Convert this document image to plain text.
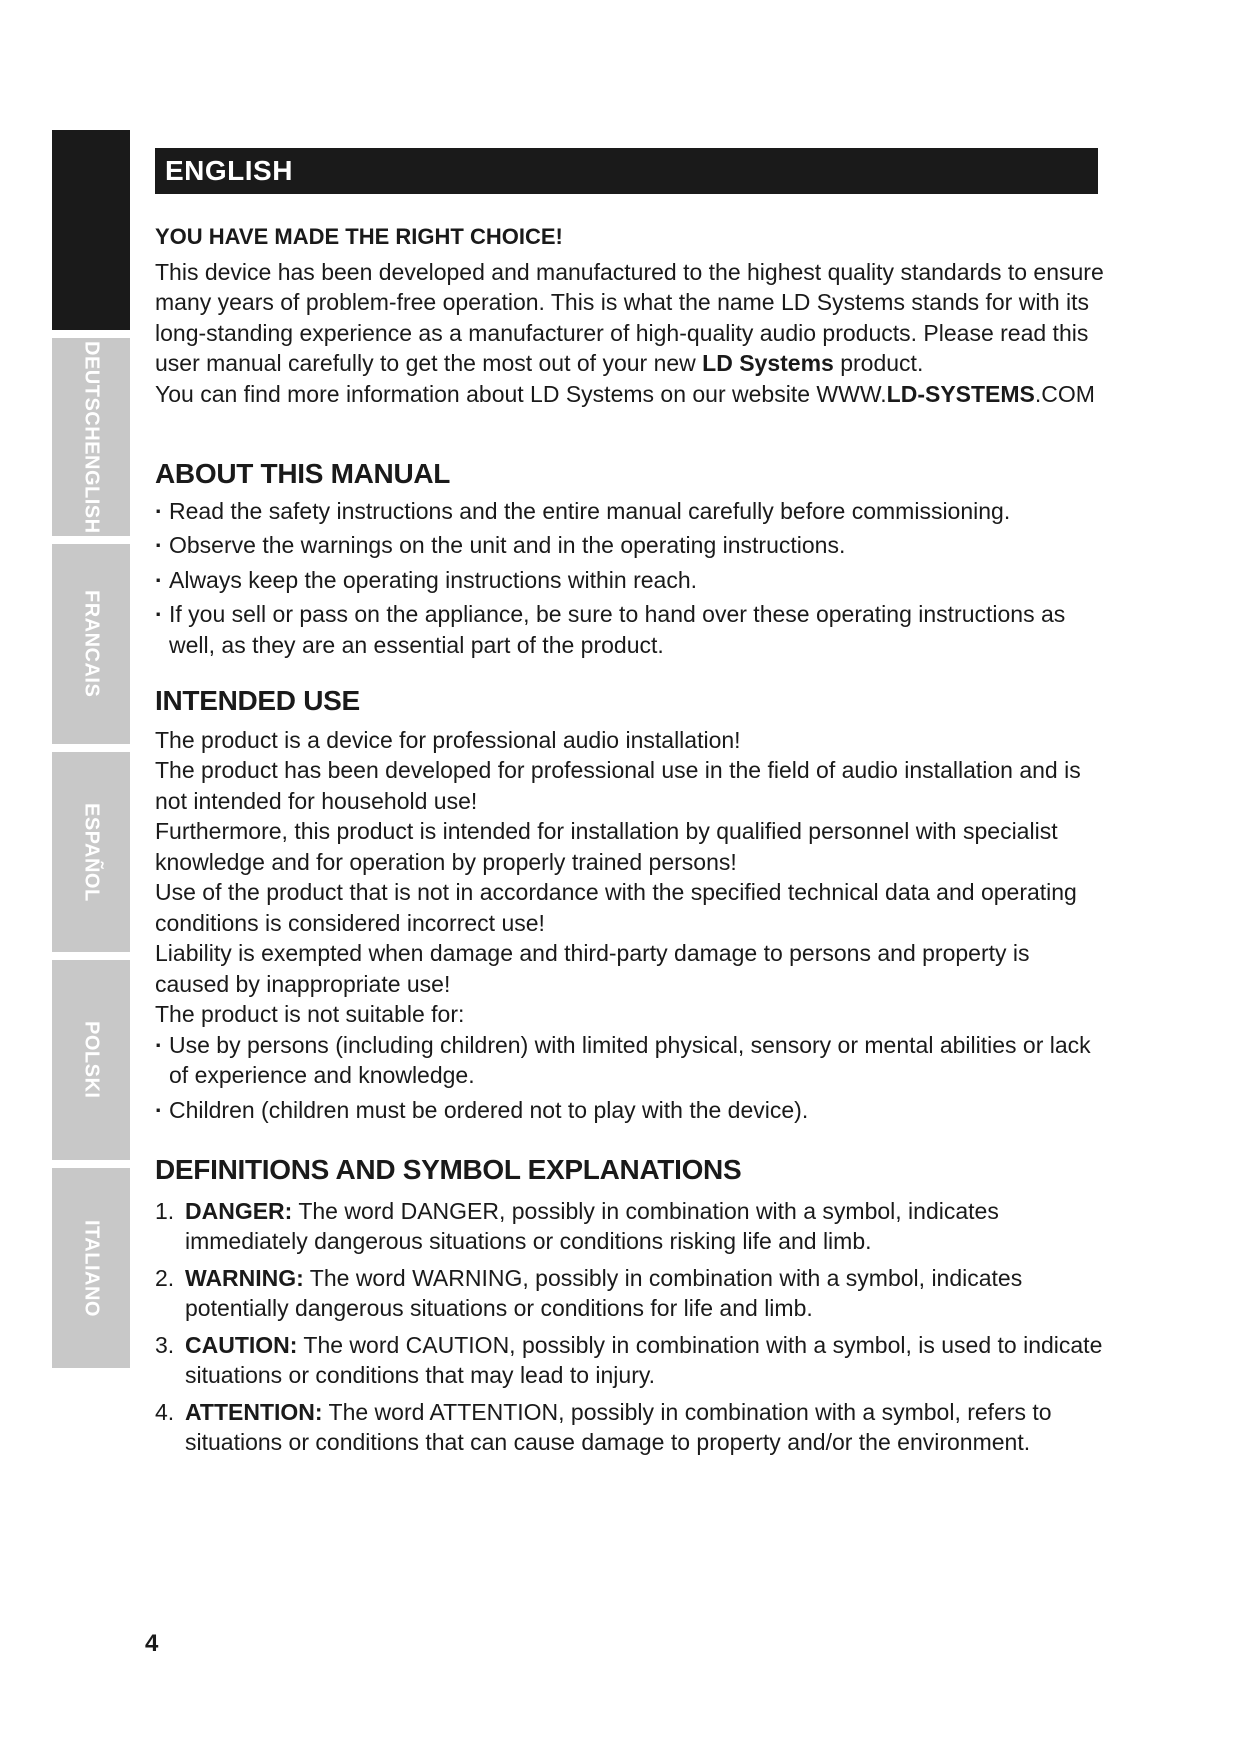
DEUTSCHENGLISH
FRANCAIS
ESPAÑOL
POLSKI
ITALIANO
ENGLISH

YOU HAVE MADE THE RIGHT CHOICE!

This device has been developed and manufactured to the highest quality standards to ensure many years of problem-free operation. This is what the name LD Systems stands for with its long-standing experience as a manufacturer of high-quality audio products. Please read this user manual carefully to get the most out of your new LD Systems product.

You can find more information about LD Systems on our website WWW.LD-SYSTEMS.COM

ABOUT THIS MANUAL
· Read the safety instructions and the entire manual carefully before commissioning.
· Observe the warnings on the unit and in the operating instructions.
· Always keep the operating instructions within reach.
· If you sell or pass on the appliance, be sure to hand over these operating instructions as well, as they are an essential part of the product.
INTENDED USE

The product is a device for professional audio installation!

The product has been developed for professional use in the field of audio installation and is not intended for household use!

Furthermore, this product is intended for installation by qualified personnel with specialist knowledge and for operation by properly trained persons!

Use of the product that is not in accordance with the specified technical data and operating conditions is considered incorrect use!

Liability is exempted when damage and third-party damage to persons and property is caused by inappropriate use!

The product is not suitable for:

· Use by persons (including children) with limited physical, sensory or mental abilities or lack of experience and knowledge.
· Children (children must be ordered not to play with the device).
DEFINITIONS AND SYMBOL EXPLANATIONS
1. DANGER: The word DANGER, possibly in combination with a symbol, indicates immediately dangerous situations or conditions risking life and limb.
2. WARNING: The word WARNING, possibly in combination with a symbol, indicates potentially dangerous situations or conditions for life and limb.
3. CAUTION: The word CAUTION, possibly in combination with a symbol, is used to indicate situations or conditions that may lead to injury.
4. ATTENTION: The word ATTENTION, possibly in combination with a symbol, refers to situations or conditions that can cause damage to property and/or the environment.
4
